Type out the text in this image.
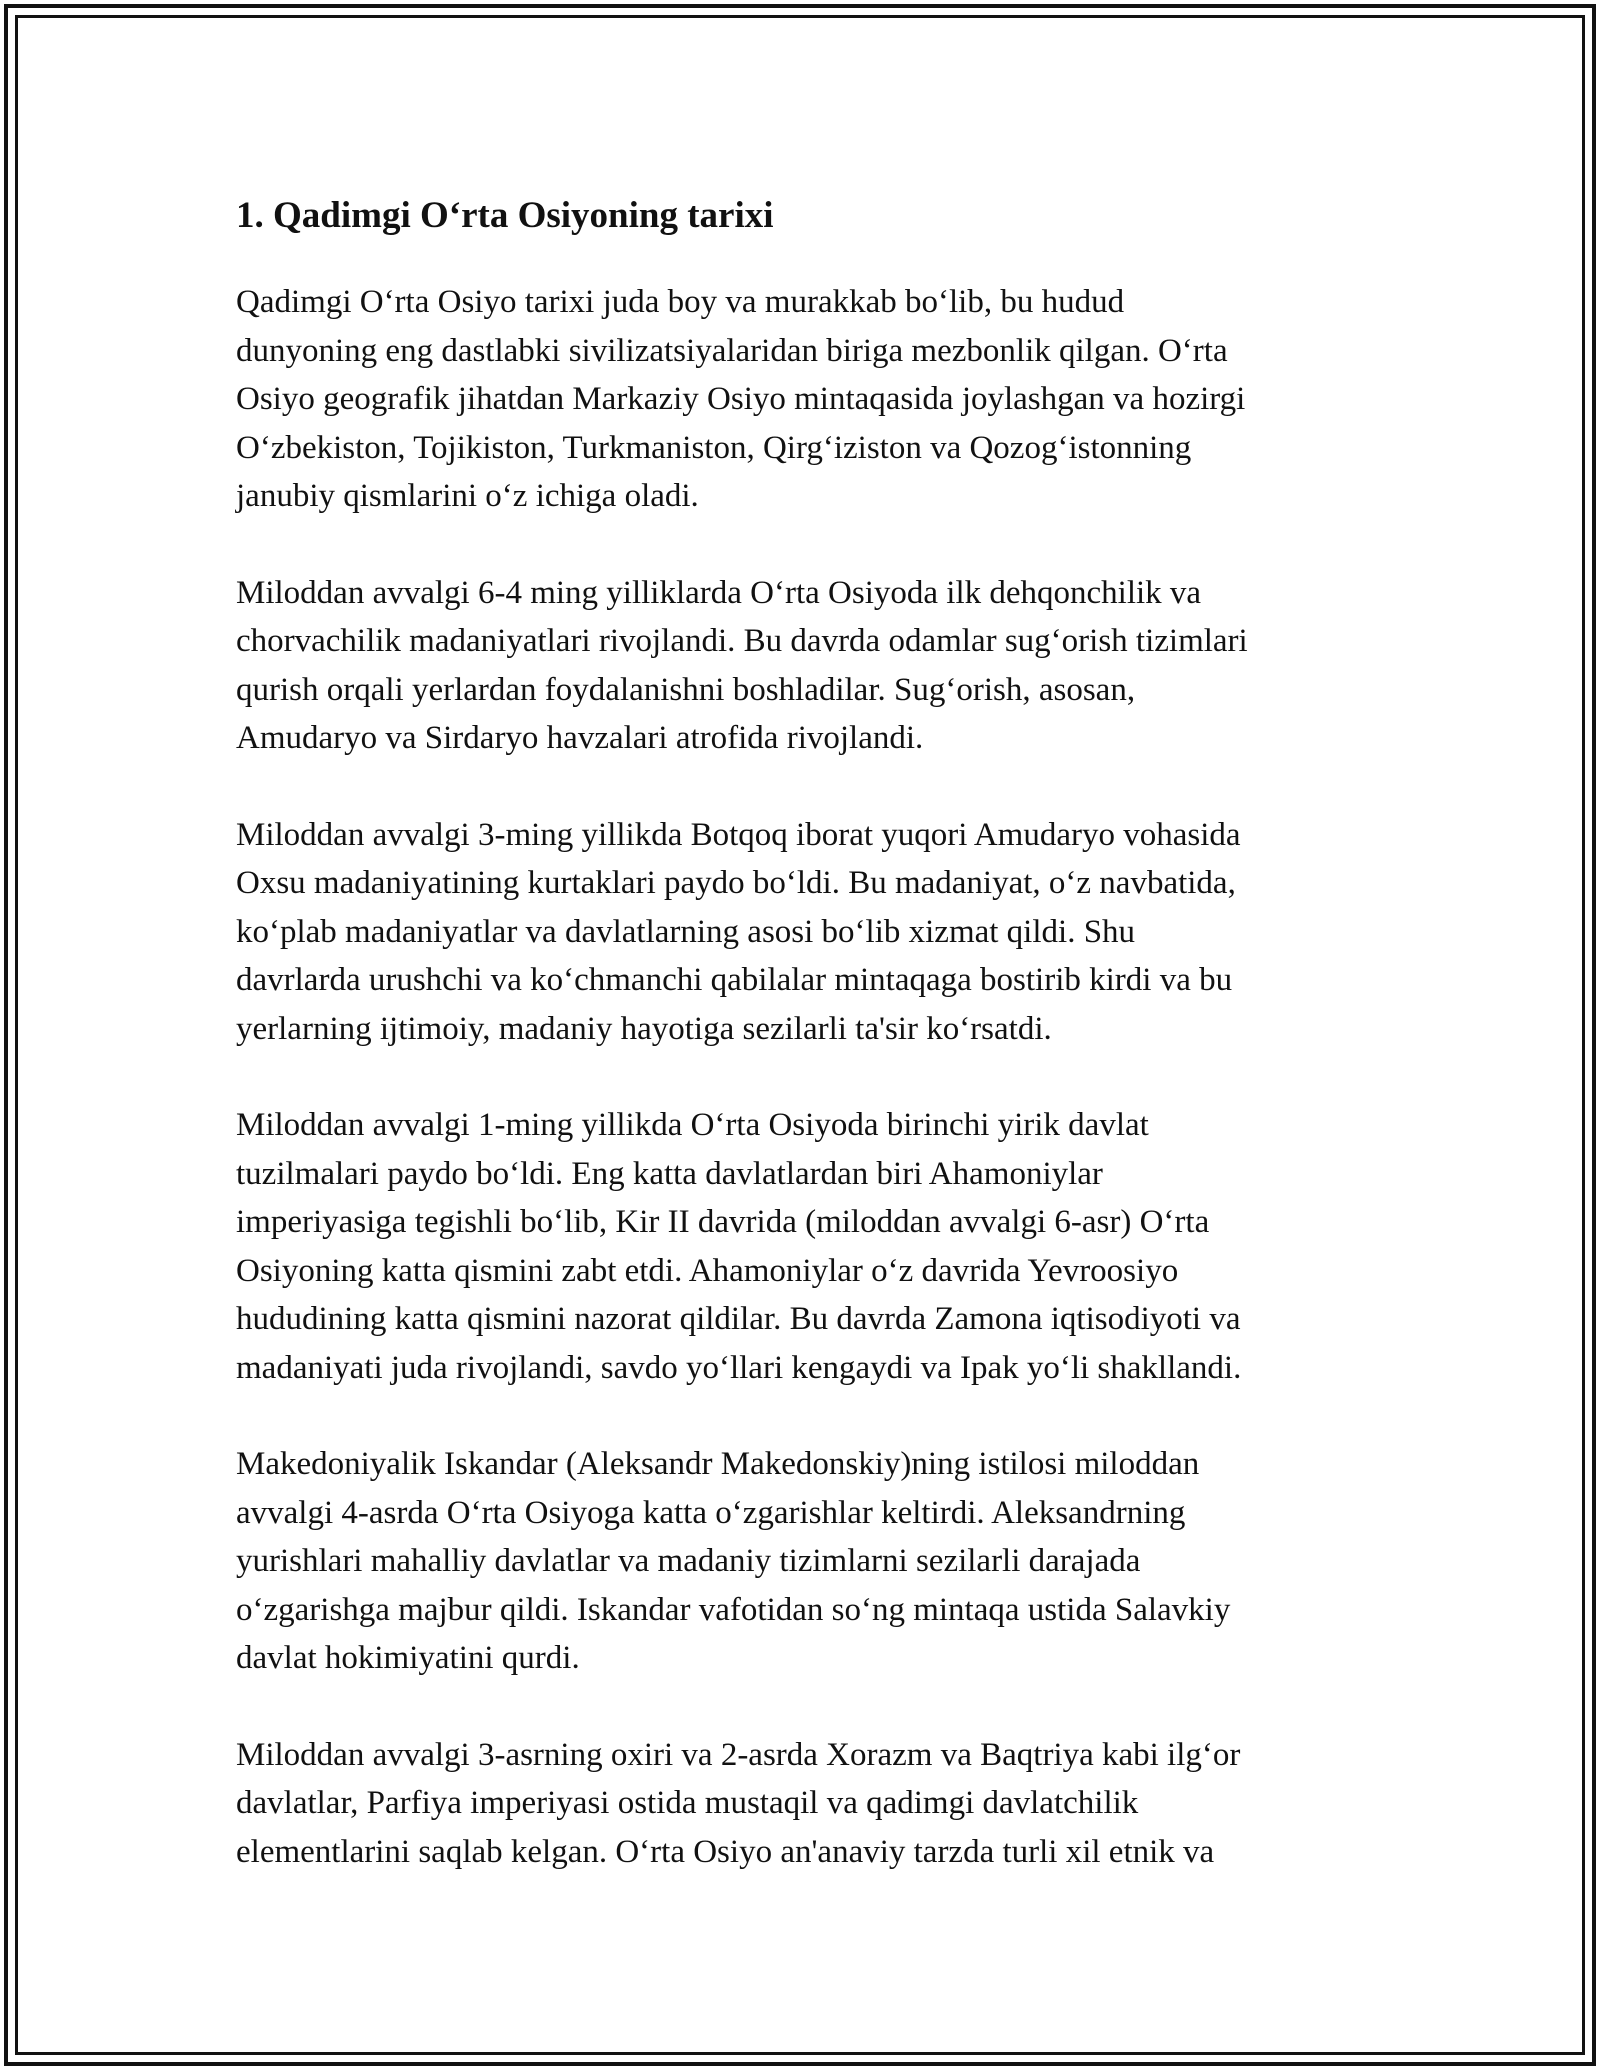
1. Qadimgi O‘rta Osiyoning tarixi

Qadimgi O‘rta Osiyo tarixi juda boy va murakkab bo‘lib, bu hudud
dunyoning eng dastlabki sivilizatsiyalaridan biriga mezbonlik qilgan. O‘rta
Osiyo geografik jihatdan Markaziy Osiyo mintaqasida joylashgan va hozirgi
O‘zbekiston, Tojikiston, Turkmaniston, Qirg‘iziston va Qozog‘istonning
janubiy qismlarini o‘z ichiga oladi.

Miloddan avvalgi 6-4 ming yilliklarda O‘rta Osiyoda ilk dehqonchilik va
chorvachilik madaniyatlari rivojlandi. Bu davrda odamlar sug‘orish tizimlari
qurish orqali yerlardan foydalanishni boshladilar. Sug‘orish, asosan,
Amudaryo va Sirdaryo havzalari atrofida rivojlandi.

Miloddan avvalgi 3-ming yillikda Botqoq iborat yuqori Amudaryo vohasida
Oxsu madaniyatining kurtaklari paydo bo‘ldi. Bu madaniyat, o‘z navbatida,
ko‘plab madaniyatlar va davlatlarning asosi bo‘lib xizmat qildi. Shu
davrlarda urushchi va ko‘chmanchi qabilalar mintaqaga bostirib kirdi va bu
yerlarning ijtimoiy, madaniy hayotiga sezilarli ta'sir ko‘rsatdi.

Miloddan avvalgi 1-ming yillikda O‘rta Osiyoda birinchi yirik davlat
tuzilmalari paydo bo‘ldi. Eng katta davlatlardan biri Ahamoniylar
imperiyasiga tegishli bo‘lib, Kir II davrida (miloddan avvalgi 6-asr) O‘rta
Osiyoning katta qismini zabt etdi. Ahamoniylar o‘z davrida Yevroosiyo
hududining katta qismini nazorat qildilar. Bu davrda Zamona iqtisodiyoti va
madaniyati juda rivojlandi, savdo yo‘llari kengaydi va Ipak yo‘li shakllandi.

Makedoniyalik Iskandar (Aleksandr Makedonskiy)ning istilosi miloddan
avvalgi 4-asrda O‘rta Osiyoga katta o‘zgarishlar keltirdi. Aleksandrning
yurishlari mahalliy davlatlar va madaniy tizimlarni sezilarli darajada
o‘zgarishga majbur qildi. Iskandar vafotidan so‘ng mintaqa ustida Salavkiy
davlat hokimiyatini qurdi.

Miloddan avvalgi 3-asrning oxiri va 2-asrda Xorazm va Baqtriya kabi ilg‘or
davlatlar, Parfiya imperiyasi ostida mustaqil va qadimgi davlatchilik
elementlarini saqlab kelgan. O‘rta Osiyo an'anaviy tarzda turli xil etnik va
